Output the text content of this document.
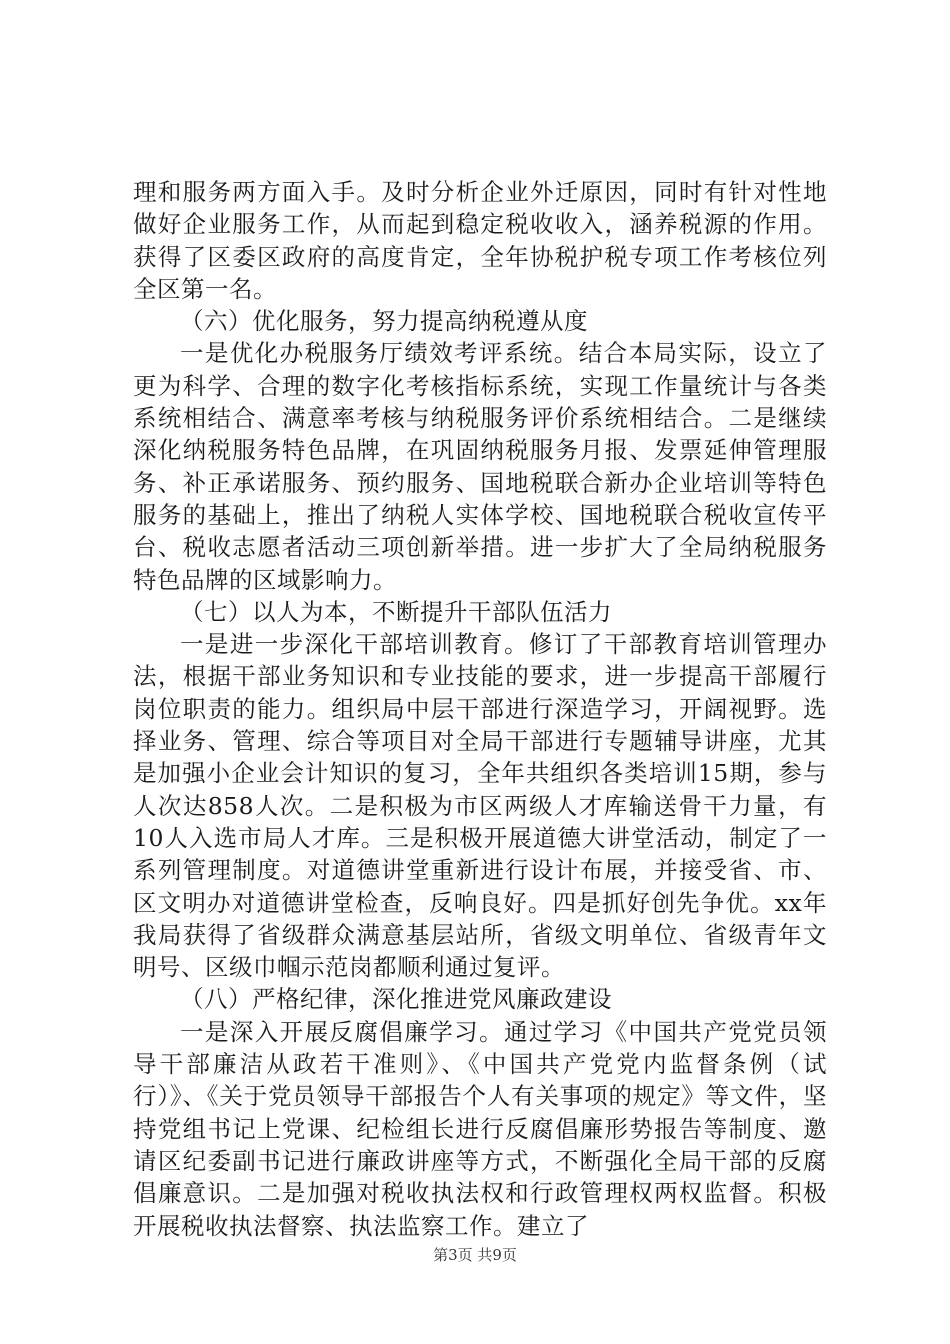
理和服务两方面入手。及时分析企业外迁原因，同时有针对性地做好企业服务工作，从而起到稳定税收收入，涵养税源的作用。获得了区委区政府的高度肯定，全年协税护税专项工作考核位列全区第一名。

（六）优化服务，努力提高纳税遵从度

一是优化办税服务厅绩效考评系统。结合本局实际，设立了更为科学、合理的数字化考核指标系统，实现工作量统计与各类系统相结合、满意率考核与纳税服务评价系统相结合。二是继续深化纳税服务特色品牌，在巩固纳税服务月报、发票延伸管理服务、补正承诺服务、预约服务、国地税联合新办企业培训等特色服务的基础上，推出了纳税人实体学校、国地税联合税收宣传平台、税收志愿者活动三项创新举措。进一步扩大了全局纳税服务特色品牌的区域影响力。

（七）以人为本，不断提升干部队伍活力

一是进一步深化干部培训教育。修订了干部教育培训管理办法，根据干部业务知识和专业技能的要求，进一步提高干部履行岗位职责的能力。组织局中层干部进行深造学习，开阔视野。选择业务、管理、综合等项目对全局干部进行专题辅导讲座，尤其是加强小企业会计知识的复习，全年共组织各类培训15期，参与人次达858人次。二是积极为市区两级人才库输送骨干力量，有10人入选市局人才库。三是积极开展道德大讲堂活动，制定了一系列管理制度。对道德讲堂重新进行设计布展，并接受省、市、区文明办对道德讲堂检查，反响良好。四是抓好创先争优。xx年我局获得了省级群众满意基层站所，省级文明单位、省级青年文明号、区级巾帼示范岗都顺利通过复评。

（八）严格纪律，深化推进党风廉政建设

一是深入开展反腐倡廉学习。通过学习《中国共产党党员领导干部廉洁从政若干准则》、《中国共产党党内监督条例（试行）》、《关于党员领导干部报告个人有关事项的规定》等文件，坚持党组书记上党课、纪检组长进行反腐倡廉形势报告等制度、邀请区纪委副书记进行廉政讲座等方式，不断强化全局干部的反腐倡廉意识。二是加强对税收执法权和行政管理权两权监督。积极开展税收执法督察、执法监察工作。建立了

第3页 共9页
